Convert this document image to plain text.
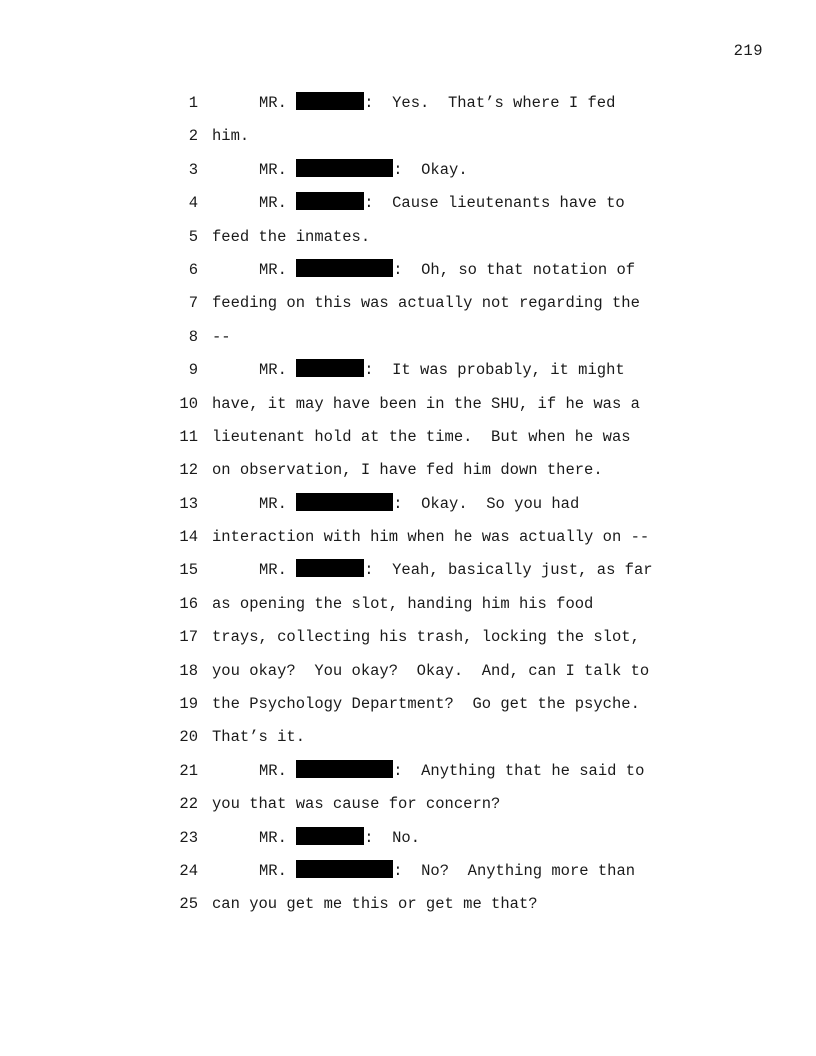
219
1	MR.	:  Yes.  That’s where I fed
2 him.
3	MR.	:  Okay.
4	MR.	:  Cause lieutenants have to
5 feed the inmates.
6	MR.	:  Oh, so that notation of
7 feeding on this was actually not regarding the
8 --
9	MR.	:  It was probably, it might
10 have, it may have been in the SHU, if he was a
11 lieutenant hold at the time.  But when he was
12 on observation, I have fed him down there.
13	MR.	:  Okay.  So you had
14 interaction with him when he was actually on --
15	MR.	:  Yeah, basically just, as far
16 as opening the slot, handing him his food
17 trays, collecting his trash, locking the slot,
18 you okay?  You okay?  Okay.  And, can I talk to
19 the Psychology Department?  Go get the psyche.
20 That’s it.
21	MR.	:  Anything that he said to
22 you that was cause for concern?
23	MR.	:  No.
24	MR.	:  No?  Anything more than
25 can you get me this or get me that?
